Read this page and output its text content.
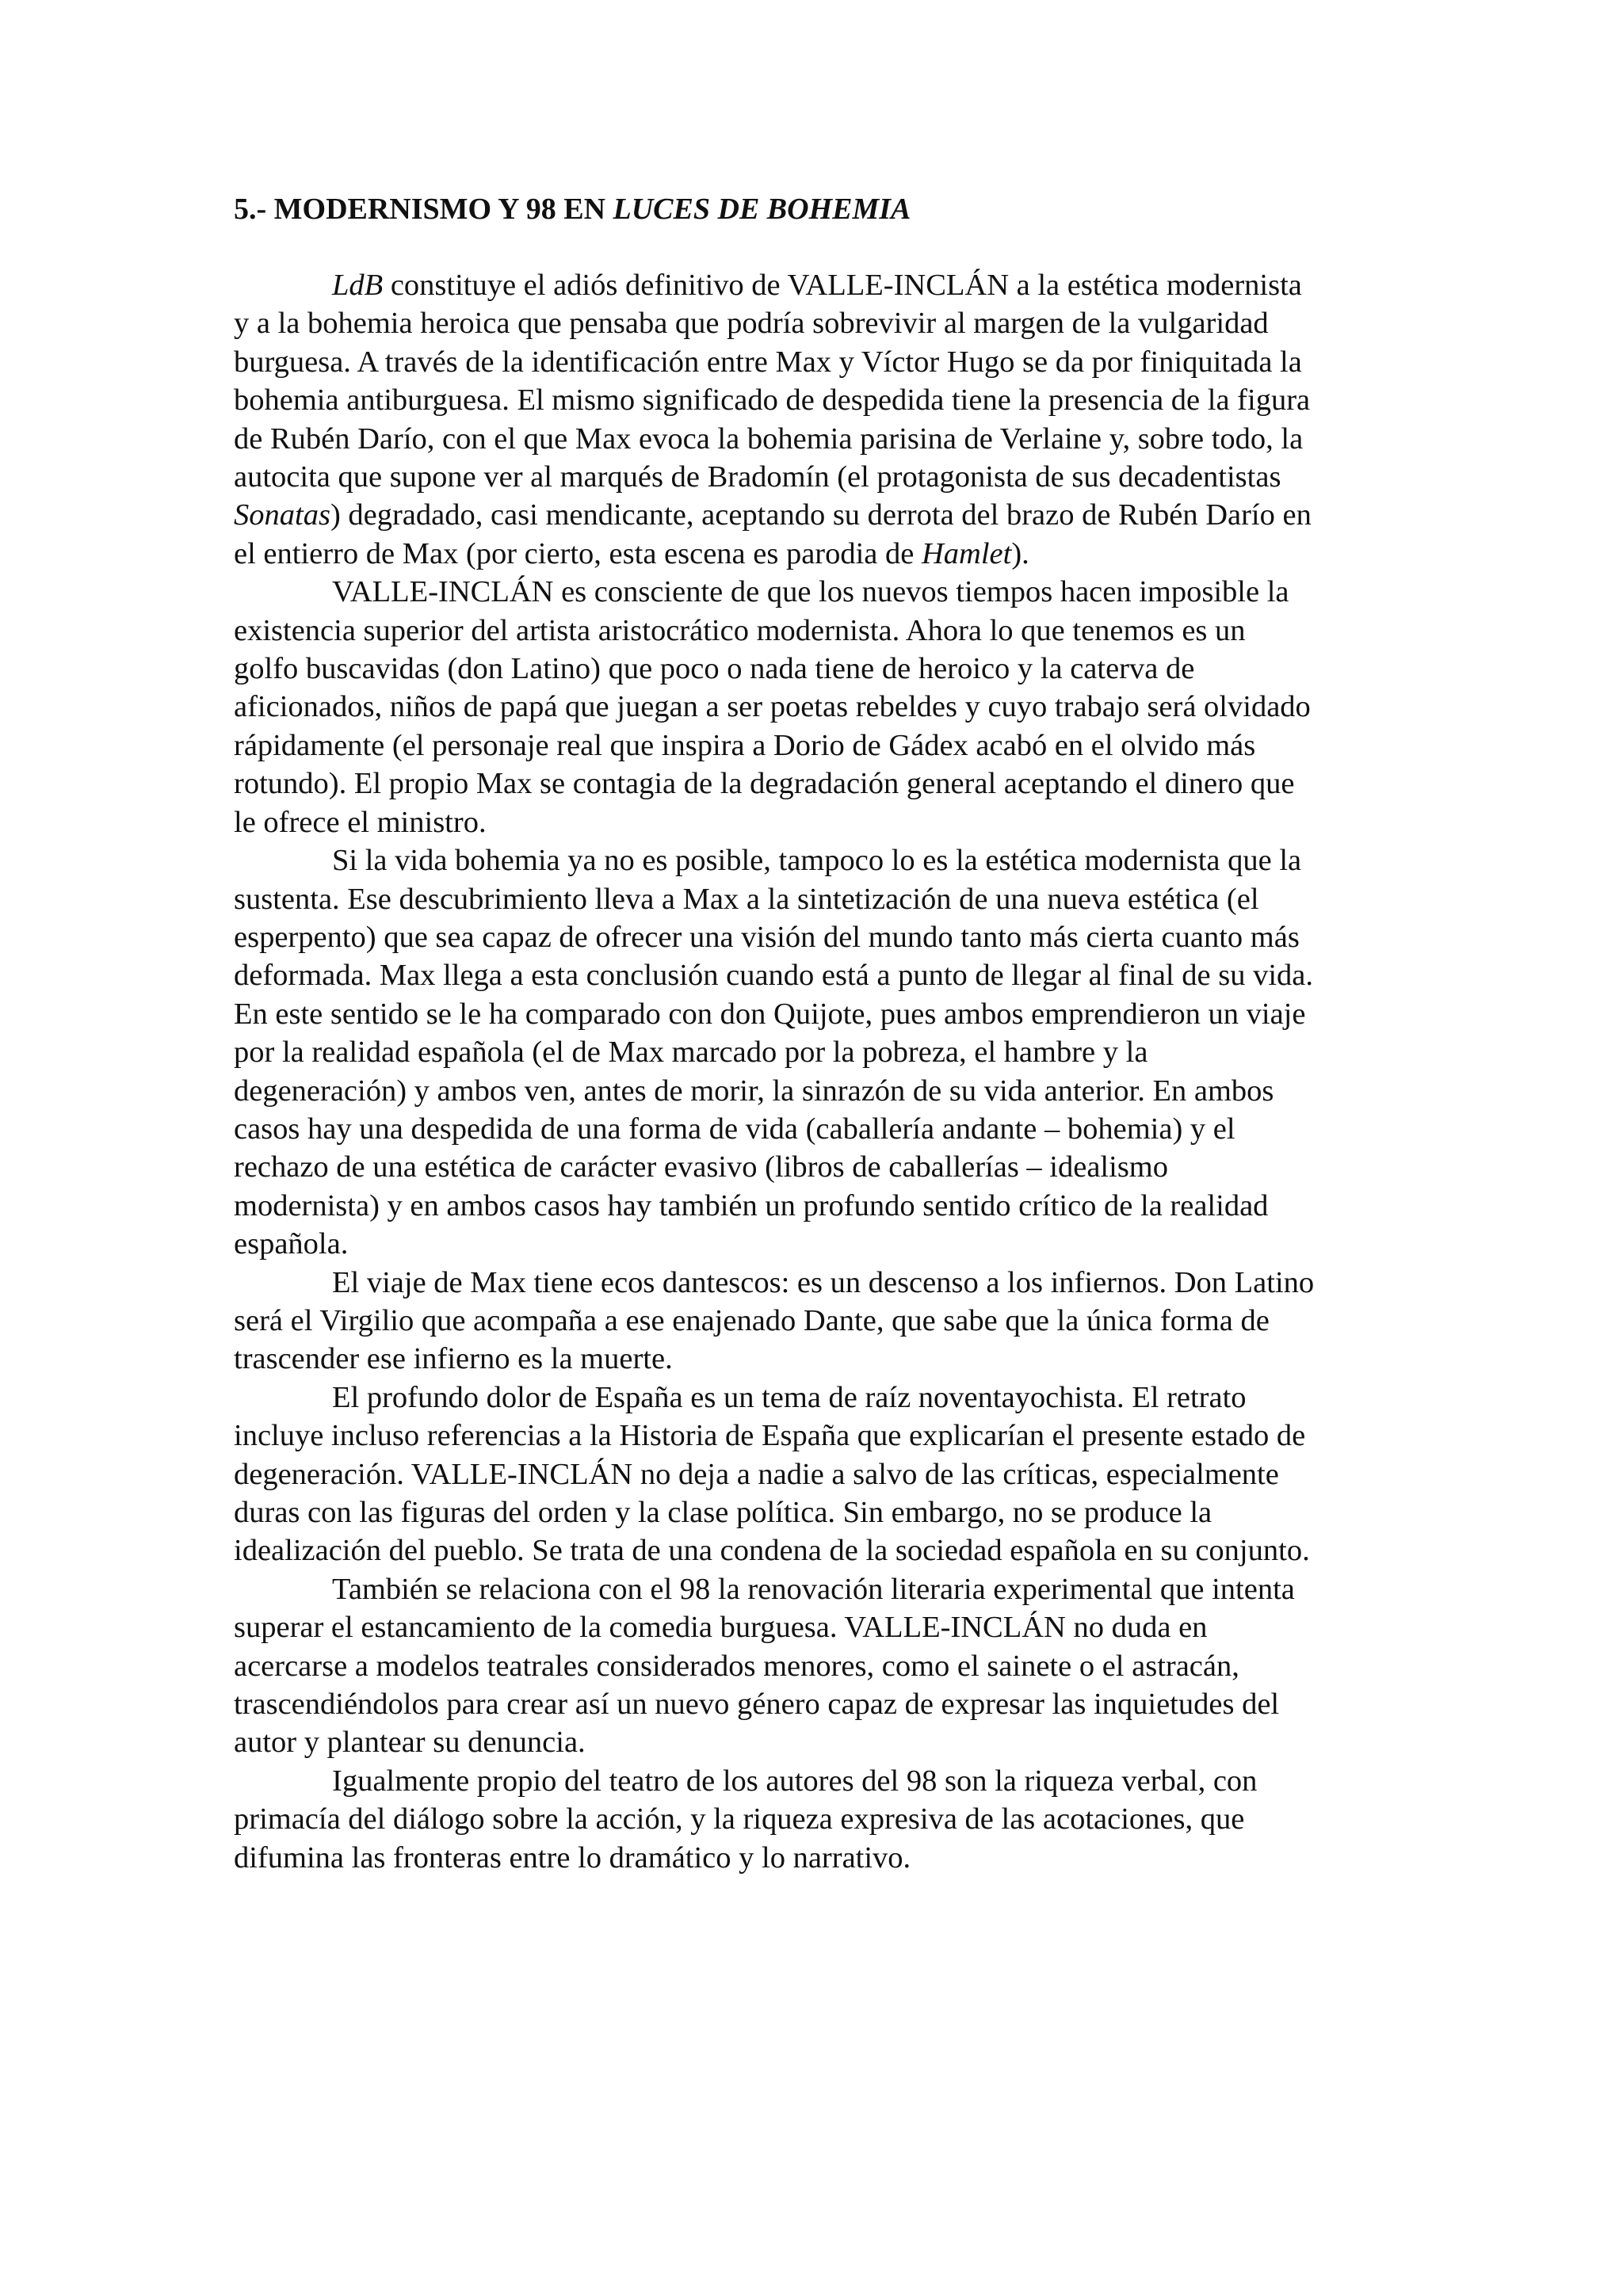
5.- MODERNISMO Y 98 EN LUCES DE BOHEMIA

LdB constituye el adiós definitivo de VALLE-INCLÁN a la estética modernista
y a la bohemia heroica que pensaba que podría sobrevivir al margen de la vulgaridad
burguesa. A través de la identificación entre Max y Víctor Hugo se da por finiquitada la
bohemia antiburguesa. El mismo significado de despedida tiene la presencia de la figura
de Rubén Darío, con el que Max evoca la bohemia parisina de Verlaine y, sobre todo, la
autocita que supone ver al marqués de Bradomín (el protagonista de sus decadentistas
Sonatas) degradado, casi mendicante, aceptando su derrota del brazo de Rubén Darío en
el entierro de Max (por cierto, esta escena es parodia de Hamlet).

VALLE-INCLÁN es consciente de que los nuevos tiempos hacen imposible la
existencia superior del artista aristocrático modernista. Ahora lo que tenemos es un
golfo buscavidas (don Latino) que poco o nada tiene de heroico y la caterva de
aficionados, niños de papá que juegan a ser poetas rebeldes y cuyo trabajo será olvidado
rápidamente (el personaje real que inspira a Dorio de Gádex acabó en el olvido más
rotundo). El propio Max se contagia de la degradación general aceptando el dinero que
le ofrece el ministro.

Si la vida bohemia ya no es posible, tampoco lo es la estética modernista que la
sustenta. Ese descubrimiento lleva a Max a la sintetización de una nueva estética (el
esperpento) que sea capaz de ofrecer una visión del mundo tanto más cierta cuanto más
deformada. Max llega a esta conclusión cuando está a punto de llegar al final de su vida.
En este sentido se le ha comparado con don Quijote, pues ambos emprendieron un viaje
por la realidad española (el de Max marcado por la pobreza, el hambre y la
degeneración) y ambos ven, antes de morir, la sinrazón de su vida anterior. En ambos
casos hay una despedida de una forma de vida (caballería andante – bohemia) y el
rechazo de una estética de carácter evasivo (libros de caballerías – idealismo
modernista) y en ambos casos hay también un profundo sentido crítico de la realidad
española.

El viaje de Max tiene ecos dantescos: es un descenso a los infiernos. Don Latino
será el Virgilio que acompaña a ese enajenado Dante, que sabe que la única forma de
trascender ese infierno es la muerte.

El profundo dolor de España es un tema de raíz noventayochista. El retrato
incluye incluso referencias a la Historia de España que explicarían el presente estado de
degeneración. VALLE-INCLÁN no deja a nadie a salvo de las críticas, especialmente
duras con las figuras del orden y la clase política. Sin embargo, no se produce la
idealización del pueblo. Se trata de una condena de la sociedad española en su conjunto.

También se relaciona con el 98 la renovación literaria experimental que intenta
superar el estancamiento de la comedia burguesa. VALLE-INCLÁN no duda en
acercarse a modelos teatrales considerados menores, como el sainete o el astracán,
trascendiéndolos para crear así un nuevo género capaz de expresar las inquietudes del
autor y plantear su denuncia.

Igualmente propio del teatro de los autores del 98 son la riqueza verbal, con
primacía del diálogo sobre la acción, y la riqueza expresiva de las acotaciones, que
difumina las fronteras entre lo dramático y lo narrativo.
